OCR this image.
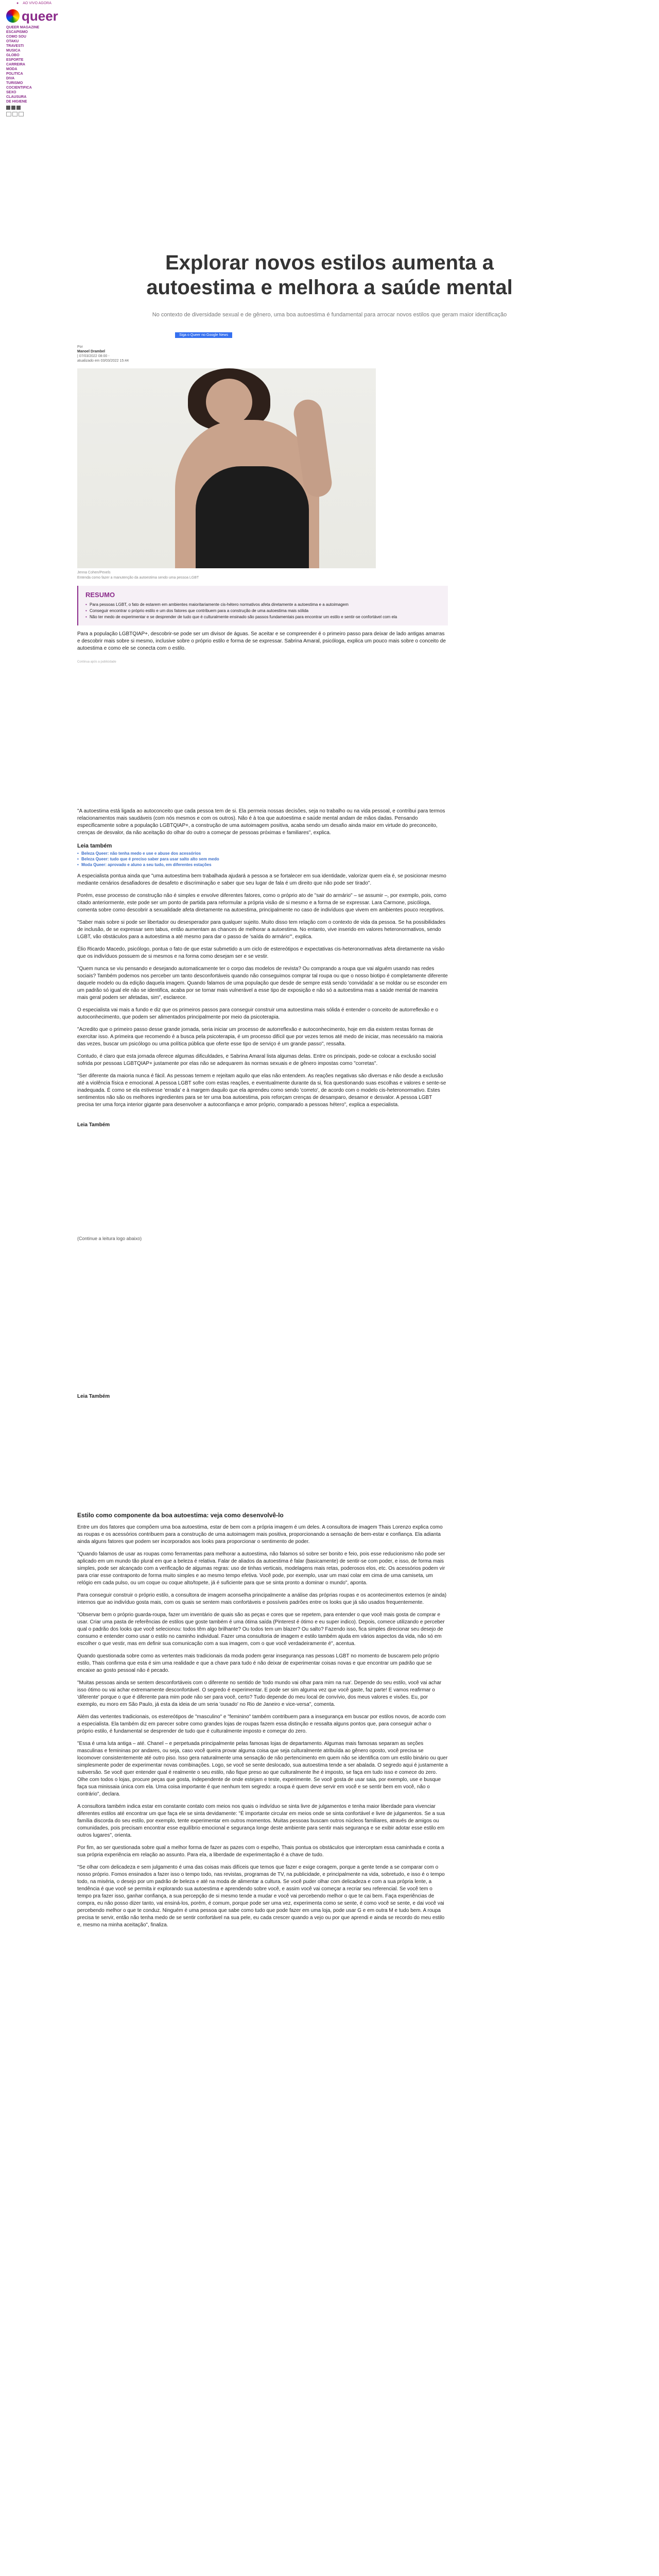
● AO VIVO AGORA
queer
QUEER MAGAZINE
ESCAPISMO
COMO SOU
OTAKU
TRAVESTI
MUSICA
GLOBO
ESPORTE
CARREIRA
MODA
POLITICA
DIVA
TURISMO
COCIENTIFICA
SEXO
CLAUSURA
DE HIGIENE
Explorar novos estilos aumenta a autoestima e melhora a saúde mental

No contexto de diversidade sexual e de gênero, uma boa autoestima é fundamental para arrocar novos estilos que geram maior identificação

Siga o Queer no Google News
Por
Manoel Drambel
| 07/03/2022 08:00 -
atualizado em 03/03/2022 15:44
Jenna Cohen/Pexels
Entenda como fazer a manutenção da autoestima sendo uma pessoa LGBT
RESUMO
• Para pessoas LGBT, o fato de estarem em ambientes maioritariamente cis-hétero normativos afeta diretamente a autoestima e a autoimagem
• Conseguir encontrar o próprio estilo e um dos fatores que contribuem para a construção de uma autoestima mais sólida
• Não ter medo de experimentar e se desprender de tudo que é culturalmente ensinado são passos fundamentais para encontrar um estilo e sentir-se confortável com ela

Para a população LGBTQIAP+, descobrir-se pode ser um divisor de águas. Se aceitar e se compreender é o primeiro passo para deixar de lado antigas amarras e descobrir mais sobre si mesmo, inclusive sobre o próprio estilo e forma de se expressar. Sabrina Amaral, psicóloga, explica um pouco mais sobre o conceito de autoestima e como ele se conecta com o estilo.

Continua após a publicidade

"A autoestima está ligada ao autoconceito que cada pessoa tem de si. Ela permeia nossas decisões, seja no trabalho ou na vida pessoal, e contribui para termos relacionamentos mais saudáveis (com nós mesmos e com os outros). Não é à toa que autoestima e saúde mental andam de mãos dadas. Pensando especificamente sobre a população LGBTQIAP+, a construção de uma autoimagem positiva, acaba sendo um desafio ainda maior em virtude do preconceito, crenças de desvalor, da não aceitação do olhar do outro a começar de pessoas próximas e familiares", explica.

Leia também
• Beleza Queer: não tenha medo e use e abuse dos acessórios
• Beleza Queer: tudo que é preciso saber para usar salto alto sem medo
• Moda Queer: aprovado e aluno a seu tudo, em diferentes estações

A especialista pontua ainda que "uma autoestima bem trabalhada ajudará a pessoa a se fortalecer em sua identidade, valorizar quem ela é, se posicionar mesmo mediante cenários desafiadores de desafeto e discriminação e saber que seu lugar de fala é um direito que não pode ser tirado".

Porém, esse processo de construção não é simples e envolve diferentes fatores, como o próprio ato de "sair do armário" – se assumir –, por exemplo, pois, como citado anteriormente, este pode ser um ponto de partida para reformular a própria visão de si mesmo e a forma de se expressar. Lara Carmone, psicóloga, comenta sobre como descobrir a sexualidade afeta diretamente na autoestima, principalmente no caso de indivíduos que vivem em ambientes pouco receptivos.

"Saber mais sobre si pode ser libertador ou desesperador para qualquer sujeito. Muito disso tem relação com o contexto de vida da pessoa. Se ha possibilidades de inclusão, de se expressar sem tabus, então aumentam as chances de melhorar a autoestima. No entanto, vive inserido em valores heteronormativos, sendo LGBT, vão obstáculos para a autoestima a até mesmo para dar o passo de 'saída do armário'", explica.

Élio Ricardo Macedo, psicólogo, pontua o fato de que estar submetido a um ciclo de estereótipos e expectativas cis-heteronormativas afeta diretamente na visão que os indivíduos possuem de si mesmos e na forma como desejam ser e se vestir.

"Quem nunca se viu pensando e desejando automaticamente ter o corpo das modelos de revista? Ou comprando a roupa que vai alguém usando nas redes sociais? Também podemos nos perceber um tanto desconfortáveis quando não conseguimos comprar tal roupa ou que o nosso biotipo é completamente diferente daquele modelo ou da edição daquela imagem. Quando falamos de uma população que desde de sempre está sendo 'convidada' a se moldar ou se esconder em um padrão só igual ele não se identifica, acaba por se tornar mais vulnerável a esse tipo de exposição e não só a autoestima mas a saúde mental de maneira mais geral podem ser afetadas, sim", esclarece.

O especialista vai mais a fundo e diz que os primeiros passos para conseguir construir uma autoestima mais sólida é entender o conceito de autorreflexão e o autoconhecimento, que podem ser alimentados principalmente por meio da psicoterapia.

"Acredito que o primeiro passo desse grande jornada, seria iniciar um processo de autorreflexão e autoconhecimento, hoje em dia existem restas formas de exercitar isso. A primeira que recomendo é a busca pela psicoterapia, é um processo difícil que por vezes temos até medo de iniciar, mas necessário na maioria das vezes, buscar um psicólogo ou uma política pública que oferte esse tipo de serviço é um grande passo", ressalta.

Contudo, é claro que esta jornada oferece algumas dificuldades, e Sabrina Amaral lista algumas delas. Entre os principais, pode-se colocar a exclusão social sofrida por pessoas LGBTQIAP+ justamente por elas não se adequarem às normas sexuais e de gênero impostas como "corretas".

"Ser diferente da maioria nunca é fácil. As pessoas temem e rejeitam aquilo que elas não entendem. As reações negativas são diversas e não desde a exclusão até a violência física e emocional. A pessoa LGBT sofre com estas reações, e eventualmente durante da si, fica questionando suas escolhas e valores e sente-se inadequada. É como se ela estivesse 'errada' e à margem daquilo que ela aprendeu como sendo 'correto', de acordo com o modelo cis-heteronormativo. Estes sentimentos não são os melhores ingredientes para se ter uma boa autoestima, pois reforçam crenças de desamparo, desamor e desvalor. A pessoa LGBT precisa ter uma força interior gigante para desenvolver a autoconfiança e amor próprio, comparado a pessoas hétero", explica a especialista.

Leia Também
(Continue a leitura logo abaixo)
Leia Também
Estilo como componente da boa autoestima: veja como desenvolvê-lo

Entre um dos fatores que compõem uma boa autoestima, estar de bem com a própria imagem é um deles. A consultora de imagem Thais Lorenzo explica como as roupas e os acessórios contribuem para a construção de uma autoimagem mais positiva, proporcionando a sensação de bem-estar e confiança. Ela adianta ainda alguns fatores que podem ser incorporados aos looks para proporcionar o sentimento de poder.

"Quando falamos de usar as roupas como ferramentas para melhorar a autoestima, não falamos só sobre ser bonito e feio, pois esse reducionismo não pode ser aplicado em um mundo tão plural em que a beleza é relativa. Falar de aliados da autoestima é falar (basicamente) de sentir-se com poder, e isso, de forma mais simples, pode ser alcançado com a verificação de algumas regras: uso de tinhas verticais, modelagens mais retas, poderosos elos, etc. Os acessórios podem vir para criar esse contraponto de forma muito simples e ao mesmo tempo efetiva. Você pode, por exemplo, usar um maxi colar em cima de uma camiseta, um relógio em cada pulso, ou um coque ou coque alto/topete, já é suficiente para que se sinta pronto a dominar o mundo", aponta.

Para conseguir construir o próprio estilo, a consultora de imagem aconselha principalmente a análise das próprias roupas e os acontecimentos externos (e ainda) internos que ao indivíduo gosta mais, com os quais se sentem mais confortáveis e possíveis padrões entre os looks que já são usados frequentemente.

"Observar bem o próprio guarda-roupa, fazer um inventário de quais são as peças e cores que se repetem, para entender o que você mais gosta de comprar e usar. Criar uma pasta de referências de estilos que goste também é uma ótima saída (Pinterest é ótimo e eu super indico). Depois, comece utilizando e perceber qual o padrão dos looks que você selecionou: todos têm algo brilhante? Ou todos tem um blazer? Ou salto? Fazendo isso, fica simples direcionar seu desejo de consumo e entender como usar o estilo no caminho individual. Fazer uma consultoria de imagem e estilo também ajuda em vários aspectos da vida, não só em escolher o que vestir, mas em definir sua comunicação com a sua imagem, com o que você verdadeiramente é", acentua.

Quando questionada sobre como as vertentes mais tradicionais da moda podem gerar insegurança nas pessoas LGBT no momento de buscarem pelo próprio estilo, Thais confirma que esta é sim uma realidade e que a chave para tudo é não deixar de experimentar coisas novas e que encontrar um padrão que se encaixe ao gosto pessoal não é pecado.

"Muitas pessoas ainda se sentem desconfortáveis com o diferente no sentido de 'todo mundo vai olhar para mim na rua'. Depende do seu estilo, você vai achar isso ótimo ou vai achar extremamente desconfortável. O segredo é experimentar. E pode ser sim alguma vez que você gaste, faz parte! E vamos reafirmar o 'diferente' porque o que é diferente para mim pode não ser para você, certo? Tudo depende do meu local de convívio, dos meus valores e visões. Eu, por exemplo, eu moro em São Paulo, já esta da ideia de um seria 'ousado' no Rio de Janeiro e vice-versa", comenta.

Além das vertentes tradicionais, os estereótipos de "masculino" e "feminino" também contribuem para a insegurança em buscar por estilos novos, de acordo com a especialista. Ela também diz em parecer sobre como grandes lojas de roupas fazem essa distinção e ressalta alguns pontos que, para conseguir achar o próprio estilo, é fundamental se desprender de tudo que é culturalmente imposto e começar do zero.

"Essa é uma luta antiga – até. Chanel – e perpetuada principalmente pelas famosas lojas de departamento. Algumas mais famosas separam as seções masculinas e femininas por andares, ou seja, caso você queira provar alguma coisa que seja culturalmente atribuída ao gênero oposto, você precisa se locomover consistentemente até outro piso. Isso gera naturalmente uma sensação de não pertencimento em quem não se identifica com um estilo binário ou quer simplesmente poder de experimentar novas combinações. Logo, se você se sente deslocado, sua autoestima tende a ser abalada. O segredo aqui é justamente a subversão. Se você quer entender qual é realmente o seu estilo, não fique preso ao que culturalmente lhe é imposto, se faça em tudo isso e comece do zero. Olhe com todos o lojas, procure peças que gosta, independente de onde estejam e teste, experimente. Se você gosta de usar saia, por exemplo, use e busque faça sua minissaia única com ela. Uma coisa importante é que nenhum tem segredo: a roupa é quem deve servir em você e se sentir bem em você, não o contrário", declara.

A consultora também indica estar em constante contato com meios nos quais o indivíduo se sinta livre de julgamentos e tenha maior liberdade para vivenciar diferentes estilos até encontrar um que faça ele se sinta devidamente: "É importante circular em meios onde se sinta confortável e livre de julgamentos. Se a sua família discorda do seu estilo, por exemplo, tente experimentar em outros momentos. Muitas pessoas buscam outros núcleos familiares, através de amigos ou comunidades, pois precisam encontrar esse equilíbrio emocional e segurança longe deste ambiente para sentir mais segurança e se exibir adotar esse estilo em outros lugares", orienta.

Por fim, ao ser questionada sobre qual a melhor forma de fazer as pazes com o espelho, Thais pontua os obstáculos que interceptam essa caminhada e conta a sua própria experiência em relação ao assunto. Para ela, a liberdade de experimentação é a chave de tudo.

"Se olhar com delicadeza e sem julgamento é uma das coisas mais difíceis que temos que fazer e exige coragem, porque a gente tende a se comparar com o nosso próprio. Fomos ensinados a fazer isso o tempo todo, nas revistas, programas de TV, na publicidade, e principalmente na vida, sobretudo, e isso é o tempo todo, na miséria, o desejo por um padrão de beleza e até na moda de alimentar a cultura. Se você puder olhar com delicadeza e com a sua própria lente, a tendência é que você se permita ir explorando sua autoestima e aprendendo sobre você, e assim você vai começar a recriar seu referencial. Se você tem o tempo pra fazer isso, ganhar confiança, a sua percepção de si mesmo tende a mudar e você vai percebendo melhor o que te cai bem. Faça experiências de compra, eu não posso dizer tanto, vai ensiná-los, porém, é comum, porque pode ser uma vez, experimenta como se sente, é como você se sente, e dai você vai percebendo melhor o que te conduz. Ninguém é uma pessoa que sabe como tudo que pode fazer em uma loja, pode usar G e em outra M e tudo bem. A roupa precisa te servir, então não tenha medo de se sentir confortável na sua pele, eu cada crescer quando a vejo ou por que aprendi e ainda se recordo do meu estilo e, mesmo na minha aceitação", finaliza.
